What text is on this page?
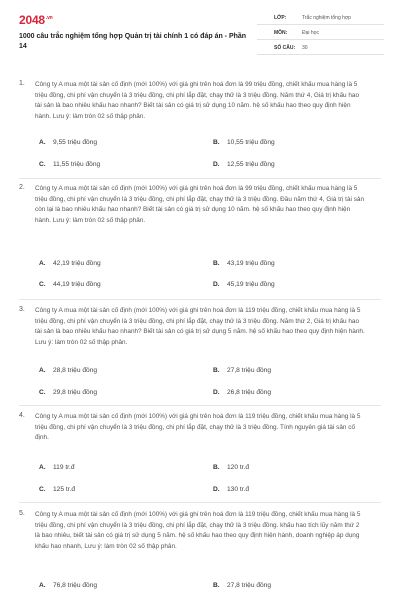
$2048^{.vn}$
1000 câu trắc nghiệm tổng hợp Quản trị tài chính 1 có đáp án - Phần 14
LỚP:	Trắc nghiệm tổng hợp
MÔN:	Đại học
SỐ CÂU: 30
1. Công ty A mua một tài sản cố định (mới 100%) với giá ghi trên hoá đơn là 99 triệu đồng, chiết khấu mua hàng là 5 triệu đồng, chi phí vận chuyển là 3 triệu đồng, chi phí lắp đặt, chạy thử là 3 triệu đồng. Năm thứ 4, Giá trị khấu hao tài sản là bao nhiêu khấu hao nhanh? Biết tài sản có giá trị sử dụng 10 năm. hệ số khấu hao theo quy định hiện hành. Lưu ý: làm tròn 02 số thập phân.
A. 9,55 triệu đồng	B. 10,55 triệu đồng
C. 11,55 triệu đồng	D. 12,55 triệu đồng
2. Công ty A mua một tài sản cố định (mới 100%) với giá ghi trên hoá đơn là 99 triệu đồng, chiết khấu mua hàng là 5 triệu đồng, chi phí vận chuyển là 3 triệu đồng, chi phí lắp đặt, chạy thử là 3 triệu đồng. Đầu năm thứ 4, Giá trị tài sản còn lại là bao nhiêu khấu hao nhanh? Biết tài sản có giá trị sử dụng 10 năm. hệ số khấu hao theo quy định hiện hành. Lưu ý: làm tròn 02 số thập phân.
A. 42,19 triệu đồng	B. 43,19 triệu đồng
C. 44,19 triệu đồng	D. 45,19 triệu đồng
3. Công ty A mua một tài sản cố định (mới 100%) với giá ghi trên hoá đơn là 119 triệu đồng, chiết khấu mua hàng là 5 triệu đồng, chi phí vận chuyển là 3 triệu đồng, chi phí lắp đặt, chạy thử là 3 triệu đồng. Năm thứ 2, Giá trị khấu hao tài sản là bao nhiêu khấu hao nhanh? Biết tài sản có giá trị sử dụng 5 năm. hệ số khấu hao theo quy định hiện hành. Lưu ý: làm tròn 02 số thập phân.
A. 28,8 triệu đồng	B. 27,8 triệu đồng
C. 29,8 triệu đồng	D. 26,8 triệu đồng
4. Công ty A mua một tài sản cố định (mới 100%) với giá ghi trên hoá đơn là 119 triệu đồng, chiết khấu mua hàng là 5 triệu đồng, chi phí vận chuyển là 3 triệu đồng, chi phí lắp đặt, chạy thử là 3 triệu đồng. Tính nguyên giá tài sản cố định.
A. 119 tr.đ	B. 120 tr.đ
C. 125 tr.đ	D. 130 tr.đ
5. Công ty A mua một tài sản cố định (mới 100%) với giá ghi trên hoá đơn là 119 triệu đồng, chiết khấu mua hàng là 5 triệu đồng, chi phí vận chuyển là 3 triệu đồng, chi phí lắp đặt, chạy thử là 3 triệu đồng. khấu hao tích lũy năm thứ 2 là bao nhiêu, biết tài sản có giá trị sử dụng 5 năm. hệ số khấu hao theo quy định hiện hành, doanh nghiệp áp dụng khấu hao nhanh, Lưu ý: làm tròn 02 số thập phân.
A. 76,8 triệu đồng	B. 27,8 triệu đồng
